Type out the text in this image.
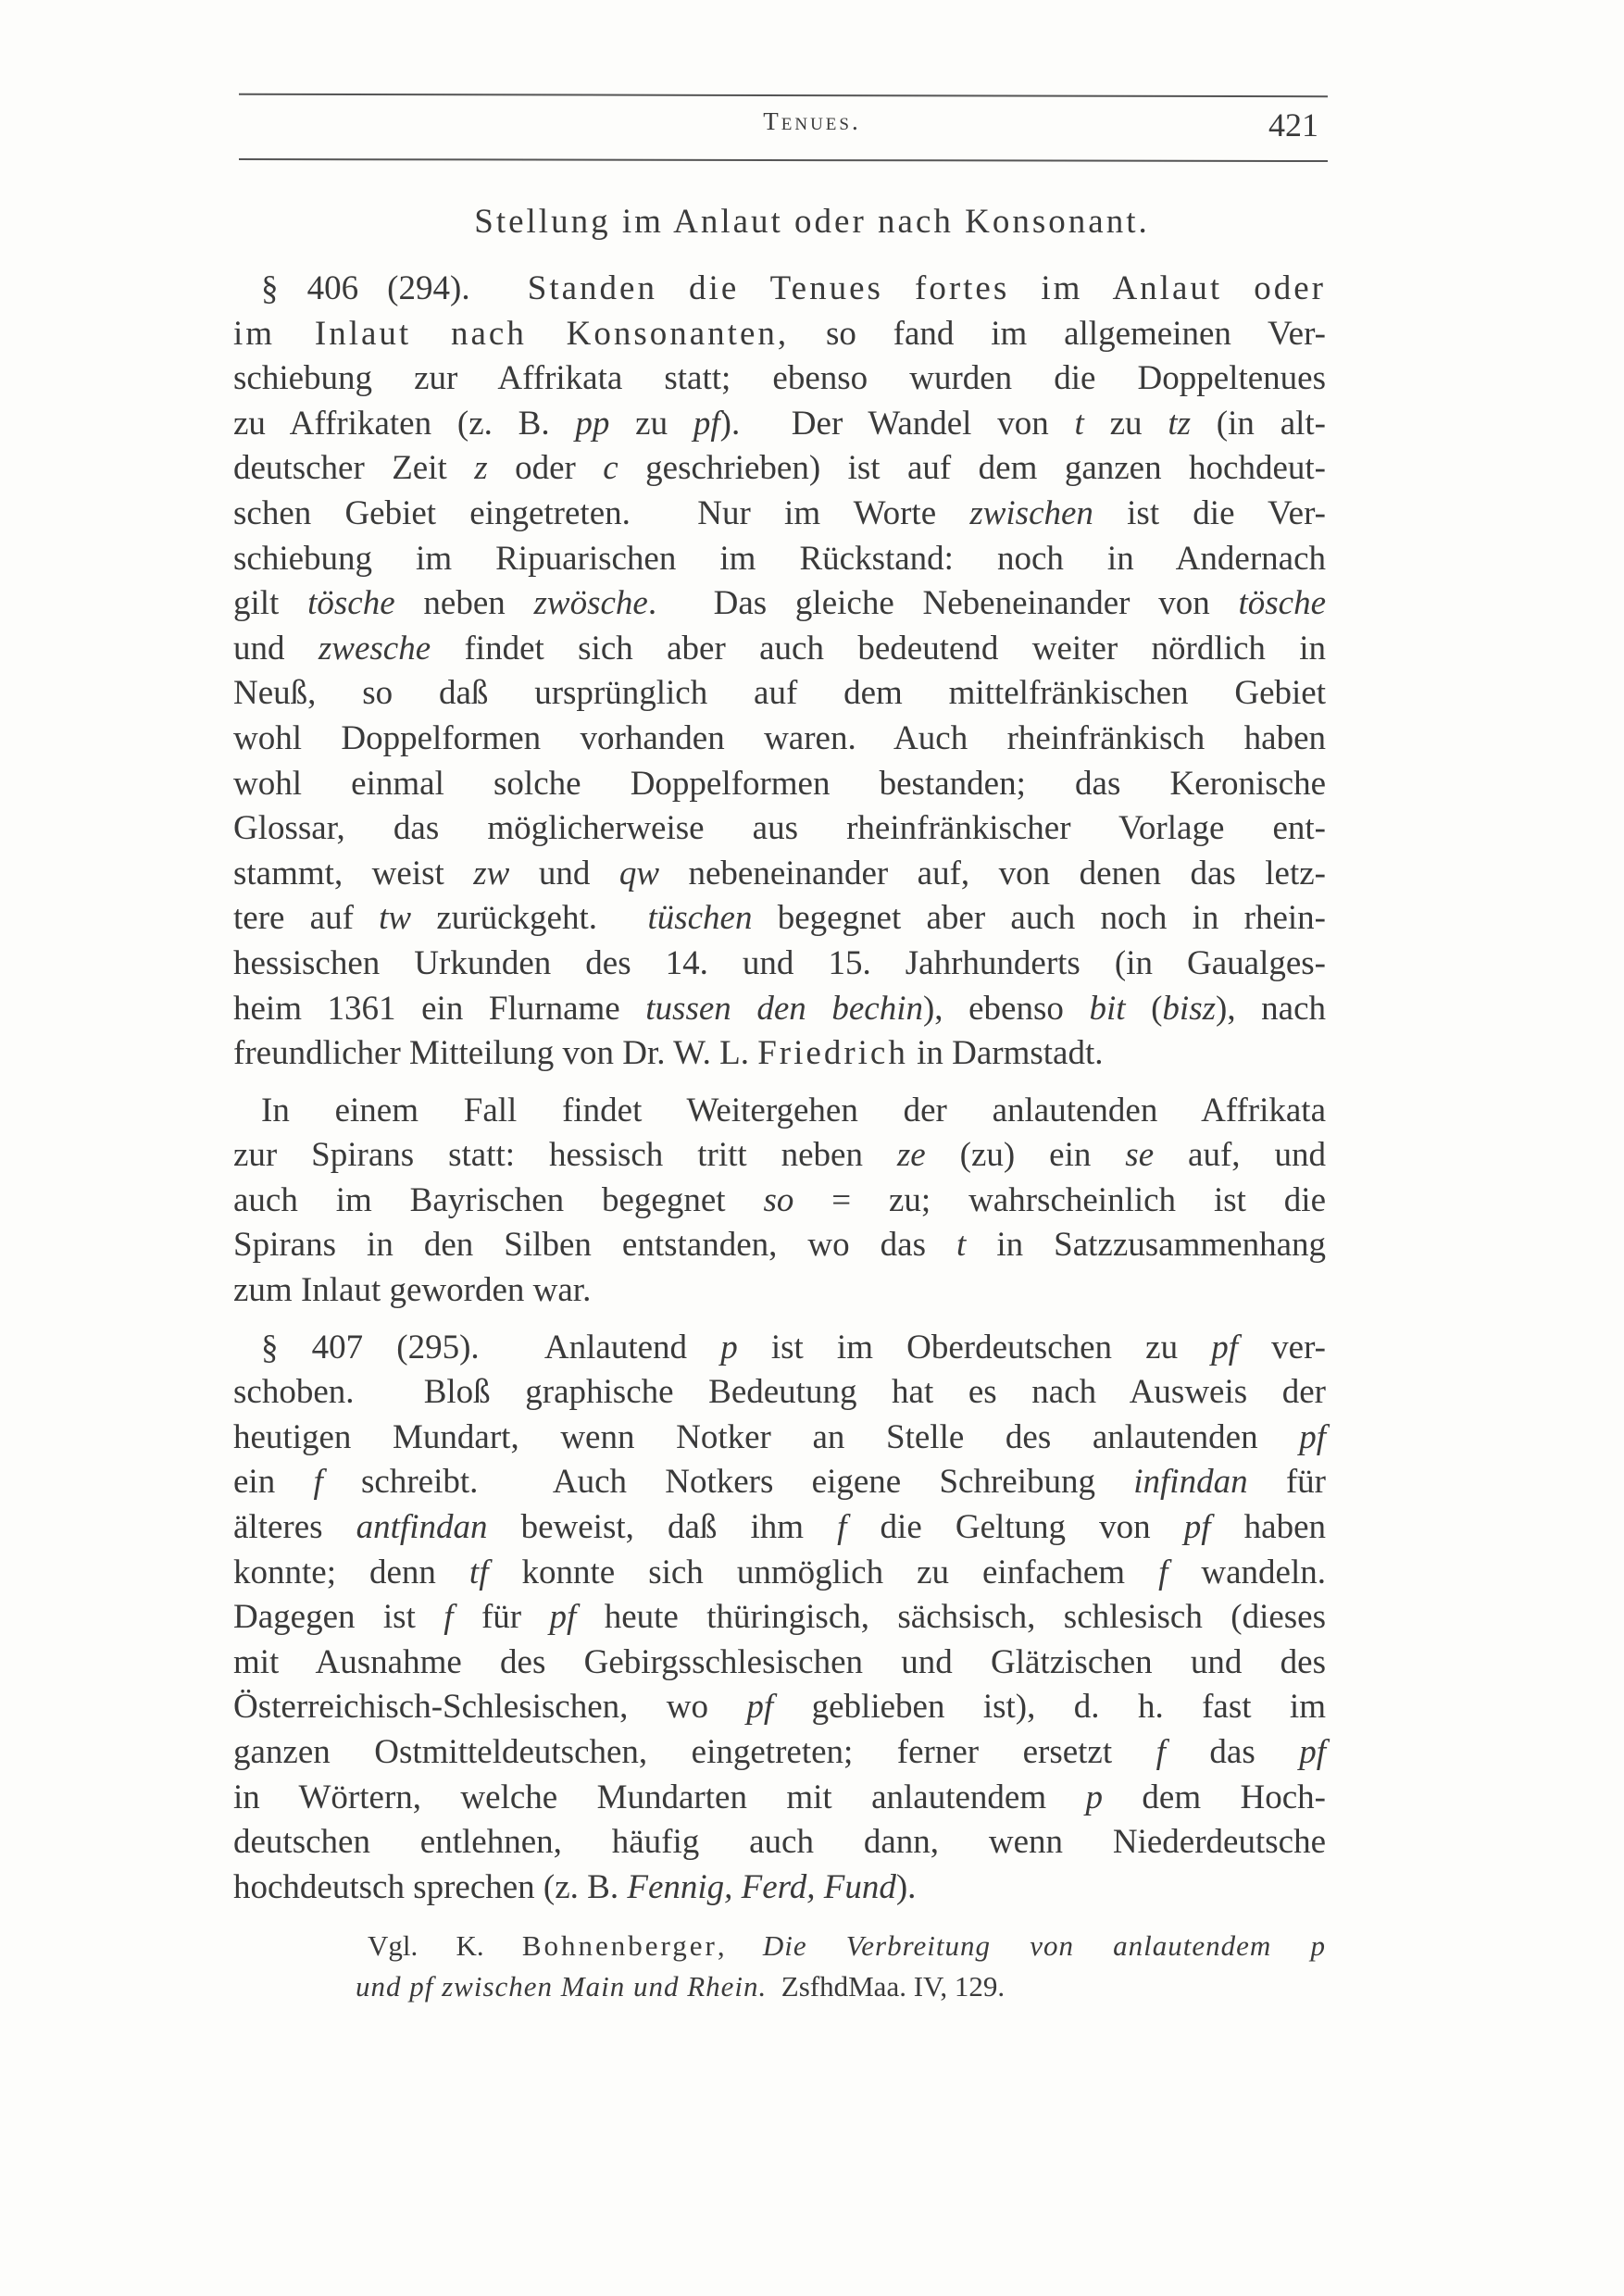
Tenues.	421
Stellung im Anlaut oder nach Konsonant.
§ 406 (294).  Standen die Tenues fortes im Anlaut oder
im Inlaut nach Konsonanten, so fand im allgemeinen Ver-
schiebung zur Affrikata statt; ebenso wurden die Doppeltenues
zu Affrikaten (z. B. pp zu pf).  Der Wandel von t zu tz (in alt-
deutscher Zeit z oder c geschrieben) ist auf dem ganzen hochdeut-
schen Gebiet eingetreten.  Nur im Worte zwischen ist die Ver-
schiebung im Ripuarischen im Rückstand: noch in Andernach
gilt tösche neben zwösche.  Das gleiche Nebeneinander von tösche
und zwesche findet sich aber auch bedeutend weiter nördlich in
Neuß, so daß ursprünglich auf dem mittelfränkischen Gebiet
wohl Doppelformen vorhanden waren. Auch rheinfränkisch haben
wohl einmal solche Doppelformen bestanden; das Keronische
Glossar, das möglicherweise aus rheinfränkischer Vorlage ent-
stammt, weist zw und qw nebeneinander auf, von denen das letz-
tere auf tw zurückgeht.  tüschen begegnet aber auch noch in rhein-
hessischen Urkunden des 14. und 15. Jahrhunderts (in Gaualges-
heim 1361 ein Flurname tussen den bechin), ebenso bit (bisz), nach
freundlicher Mitteilung von Dr. W. L. Friedrich in Darmstadt.
In einem Fall findet Weitergehen der anlautenden Affrikata
zur Spirans statt: hessisch tritt neben ze (zu) ein se auf, und
auch im Bayrischen begegnet so = zu; wahrscheinlich ist die
Spirans in den Silben entstanden, wo das t in Satzzusammenhang
zum Inlaut geworden war.
§ 407 (295).  Anlautend p ist im Oberdeutschen zu pf ver-
schoben.  Bloß graphische Bedeutung hat es nach Ausweis der
heutigen Mundart, wenn Notker an Stelle des anlautenden pf
ein f schreibt.  Auch Notkers eigene Schreibung infindan für
älteres antfindan beweist, daß ihm f die Geltung von pf haben
konnte; denn tf konnte sich unmöglich zu einfachem f wandeln.
Dagegen ist f für pf heute thüringisch, sächsisch, schlesisch (dieses
mit Ausnahme des Gebirgsschlesischen und Glätzischen und des
Österreichisch-Schlesischen, wo pf geblieben ist), d. h. fast im
ganzen Ostmitteldeutschen, eingetreten; ferner ersetzt f das pf
in Wörtern, welche Mundarten mit anlautendem p dem Hoch-
deutschen entlehnen, häufig auch dann, wenn Niederdeutsche
hochdeutsch sprechen (z. B. Fennig, Ferd, Fund).
Vgl. K. Bohnenberger, Die Verbreitung von anlautendem p
und pf zwischen Main und Rhein.  ZsfhdMaa. IV, 129.
